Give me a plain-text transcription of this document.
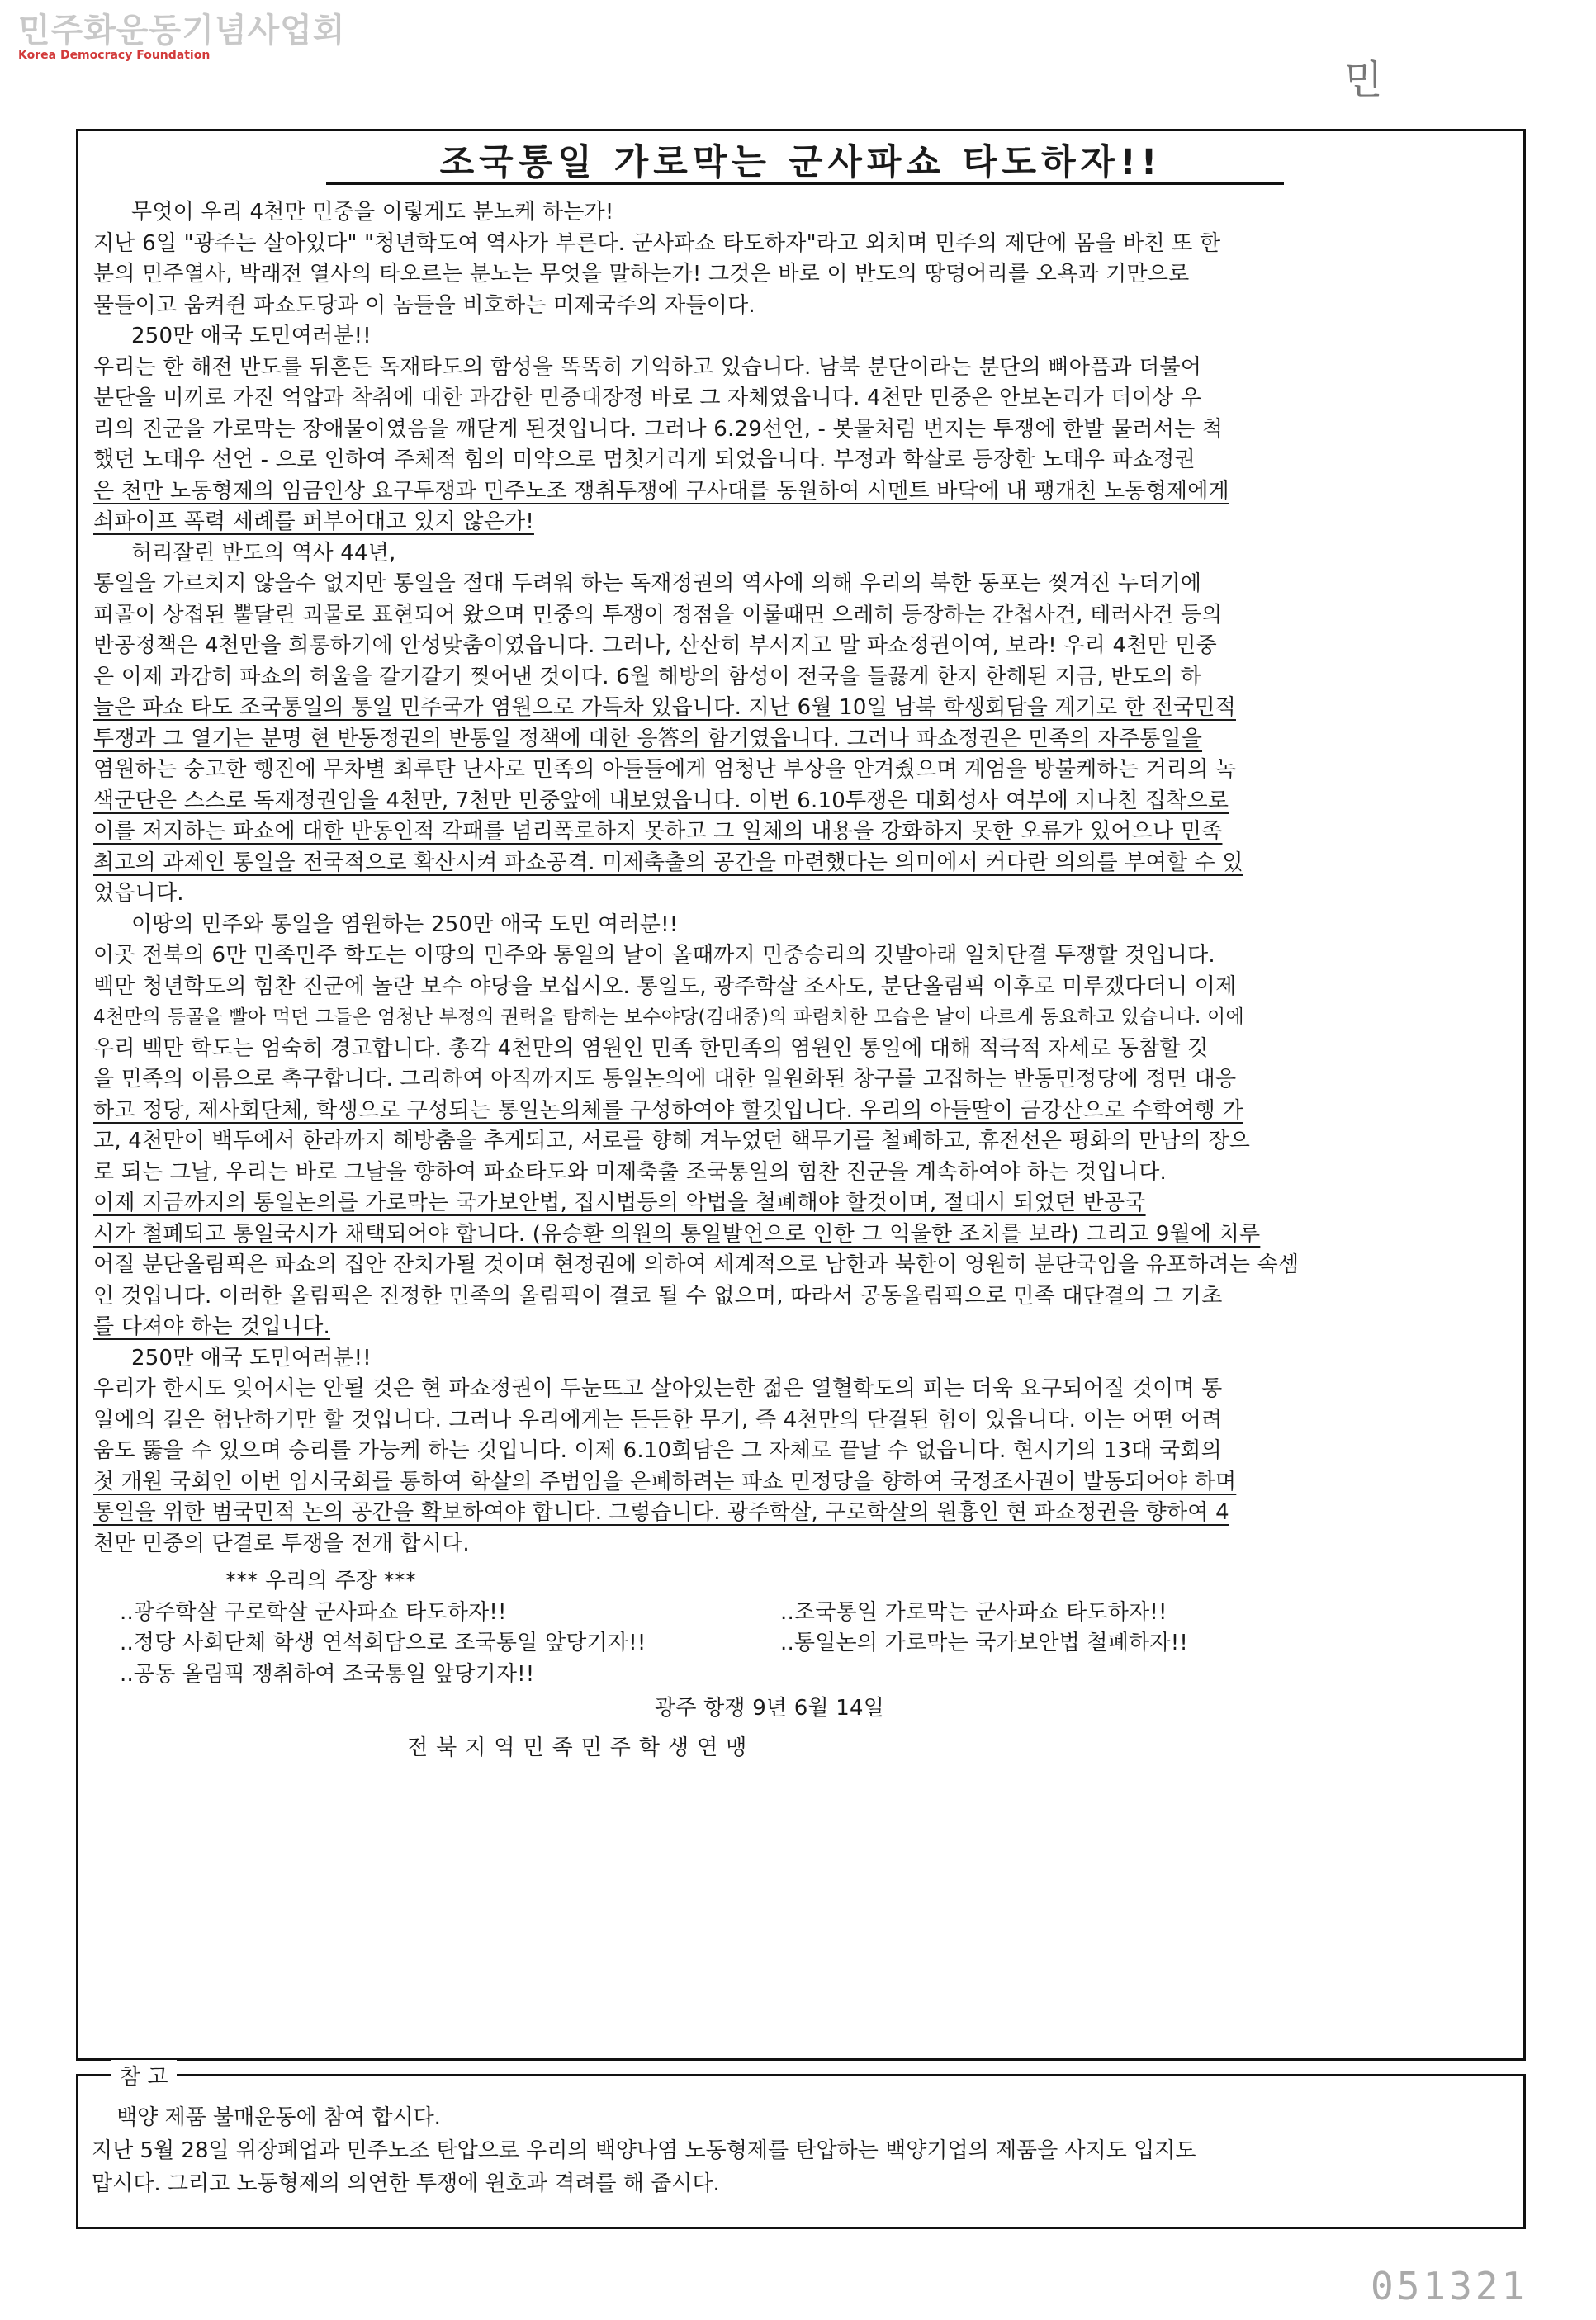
민주화운동기념사업회
Korea Democracy Foundation
민
조국통일 가로막는 군사파쇼 타도하자!!

무엇이 우리 4천만 민중을 이렇게도 분노케 하는가!

지난 6일 "광주는 살아있다" "청년학도여 역사가 부른다. 군사파쇼 타도하자"라고 외치며 민주의 제단에 몸을 바친 또 한

분의 민주열사, 박래전 열사의 타오르는 분노는 무엇을 말하는가! 그것은 바로 이 반도의 땅덩어리를 오욕과 기만으로

물들이고 움켜쥔 파쇼도당과 이 놈들을 비호하는 미제국주의 자들이다.

250만 애국 도민여러분!!

우리는 한 해전 반도를 뒤흔든 독재타도의 함성을 똑똑히 기억하고 있습니다. 남북 분단이라는 분단의 뼈아픔과 더불어

분단을 미끼로 가진 억압과 착취에 대한 과감한 민중대장정 바로 그 자체였읍니다. 4천만 민중은 안보논리가 더이상 우

리의 진군을 가로막는 장애물이였음을 깨닫게 된것입니다. 그러나 6.29선언, - 봇물처럼 번지는 투쟁에 한발 물러서는 척

했던 노태우 선언 - 으로 인하여 주체적 힘의 미약으로 멈칫거리게 되었읍니다. 부정과 학살로 등장한 노태우 파쇼정권

은 천만 노동형제의 임금인상 요구투쟁과 민주노조 쟁취투쟁에 구사대를 동원하여 시멘트 바닥에 내 팽개친 노동형제에게

쇠파이프 폭력 세례를 퍼부어대고 있지 않은가!

허리잘린 반도의 역사 44년,

통일을 가르치지 않을수 없지만 통일을 절대 두려워 하는 독재정권의 역사에 의해 우리의 북한 동포는 찢겨진 누더기에

피골이 상접된 뿔달린 괴물로 표현되어 왔으며 민중의 투쟁이 정점을 이룰때면 으레히 등장하는 간첩사건, 테러사건 등의

반공정책은 4천만을 희롱하기에 안성맞춤이였읍니다. 그러나, 산산히 부서지고 말 파쇼정권이여, 보라! 우리 4천만 민중

은 이제 과감히 파쇼의 허울을 갈기갈기 찢어낸 것이다. 6월 해방의 함성이 전국을 들끓게 한지 한해된 지금, 반도의 하

늘은 파쇼 타도 조국통일의 통일 민주국가 염원으로 가득차 있읍니다. 지난 6월 10일 남북 학생회담을 계기로 한 전국민적

투쟁과 그 열기는 분명 현 반동정권의 반통일 정책에 대한 응答의 함거였읍니다. 그러나 파쇼정권은 민족의 자주통일을

염원하는 숭고한 행진에 무차별 최루탄 난사로 민족의 아들들에게 엄청난 부상을 안겨줬으며 계엄을 방불케하는 거리의 녹

색군단은 스스로 독재정권임을 4천만, 7천만 민중앞에 내보였읍니다. 이번 6.10투쟁은 대회성사 여부에 지나친 집착으로

이를 저지하는 파쇼에 대한 반동인적 각패를 넘리폭로하지 못하고 그 일체의 내용을 강화하지 못한 오류가 있어으나 민족

최고의 과제인 통일을 전국적으로 확산시켜 파쇼공격. 미제축출의 공간을 마련했다는 의미에서 커다란 의의를 부여할 수 있

었읍니다.

이땅의 민주와 통일을 염원하는 250만 애국 도민 여러분!!

이곳 전북의 6만 민족민주 학도는 이땅의 민주와 통일의 날이 올때까지 민중승리의 깃발아래 일치단결 투쟁할 것입니다.

백만 청년학도의 힘찬 진군에 놀란 보수 야당을 보십시오. 통일도, 광주학살 조사도, 분단올림픽 이후로 미루겠다더니 이제

4천만의 등골을 빨아 먹던 그들은 엄청난 부정의 권력을 탐하는 보수야당(김대중)의 파렴치한 모습은 날이 다르게 동요하고 있습니다. 이에

우리 백만 학도는 엄숙히 경고합니다. 총각 4천만의 염원인 민족 한민족의 염원인 통일에 대해 적극적 자세로 동참할 것

을 민족의 이름으로 촉구합니다. 그리하여 아직까지도 통일논의에 대한 일원화된 창구를 고집하는 반동민정당에 정면 대응

하고 정당, 제사회단체, 학생으로 구성되는 통일논의체를 구성하여야 할것입니다. 우리의 아들딸이 금강산으로 수학여행 가

고, 4천만이 백두에서 한라까지 해방춤을 추게되고, 서로를 향해 겨누었던 핵무기를 철폐하고, 휴전선은 평화의 만남의 장으

로 되는 그날, 우리는 바로 그날을 향하여 파쇼타도와 미제축출 조국통일의 힘찬 진군을 계속하여야 하는 것입니다.

이제 지금까지의 통일논의를 가로막는 국가보안법, 집시법등의 악법을 철폐해야 할것이며, 절대시 되었던 반공국

시가 철폐되고 통일국시가 채택되어야 합니다. (유승환 의원의 통일발언으로 인한 그 억울한 조치를 보라) 그리고 9월에 치루

어질 분단올림픽은 파쇼의 집안 잔치가될 것이며 현정권에 의하여 세계적으로 남한과 북한이 영원히 분단국임을 유포하려는 속셈

인 것입니다. 이러한 올림픽은 진정한 민족의 올림픽이 결코 될 수 없으며, 따라서 공동올림픽으로 민족 대단결의 그 기초

를 다져야 하는 것입니다.

250만 애국 도민여러분!!

우리가 한시도 잊어서는 안될 것은 현 파쇼정권이 두눈뜨고 살아있는한 젊은 열혈학도의 피는 더욱 요구되어질 것이며 통

일에의 길은 험난하기만 할 것입니다. 그러나 우리에게는 든든한 무기, 즉 4천만의 단결된 힘이 있읍니다. 이는 어떤 어려

움도 뚫을 수 있으며 승리를 가능케 하는 것입니다. 이제 6.10회담은 그 자체로 끝날 수 없읍니다. 현시기의 13대 국회의

첫 개원 국회인 이번 임시국회를 통하여 학살의 주범임을 은폐하려는 파쇼 민정당을 향하여 국정조사권이 발동되어야 하며

통일을 위한 범국민적 논의 공간을 확보하여야 합니다. 그렇습니다. 광주학살, 구로학살의 원흉인 현 파쇼정권을 향하여 4

천만 민중의 단결로 투쟁을 전개 합시다.

*** 우리의 주장 ***

..광주학살 구로학살 군사파쇼 타도하자!!	..조국통일 가로막는 군사파쇼 타도하자!!

..정당 사회단체 학생 연석회담으로 조국통일 앞당기자!!	..통일논의 가로막는 국가보안법 철폐하자!!

..공동 올림픽 쟁취하여 조국통일 앞당기자!!

광주 항쟁 9년 6월 14일

전북지역민족민주학생연맹

참 고

백양 제품 불매운동에 참여 합시다.

지난 5월 28일 위장폐업과 민주노조 탄압으로 우리의 백양나염 노동형제를 탄압하는 백양기업의 제품을 사지도 입지도

맙시다. 그리고 노동형제의 의연한 투쟁에 원호과 격려를 해 줍시다.

051321
